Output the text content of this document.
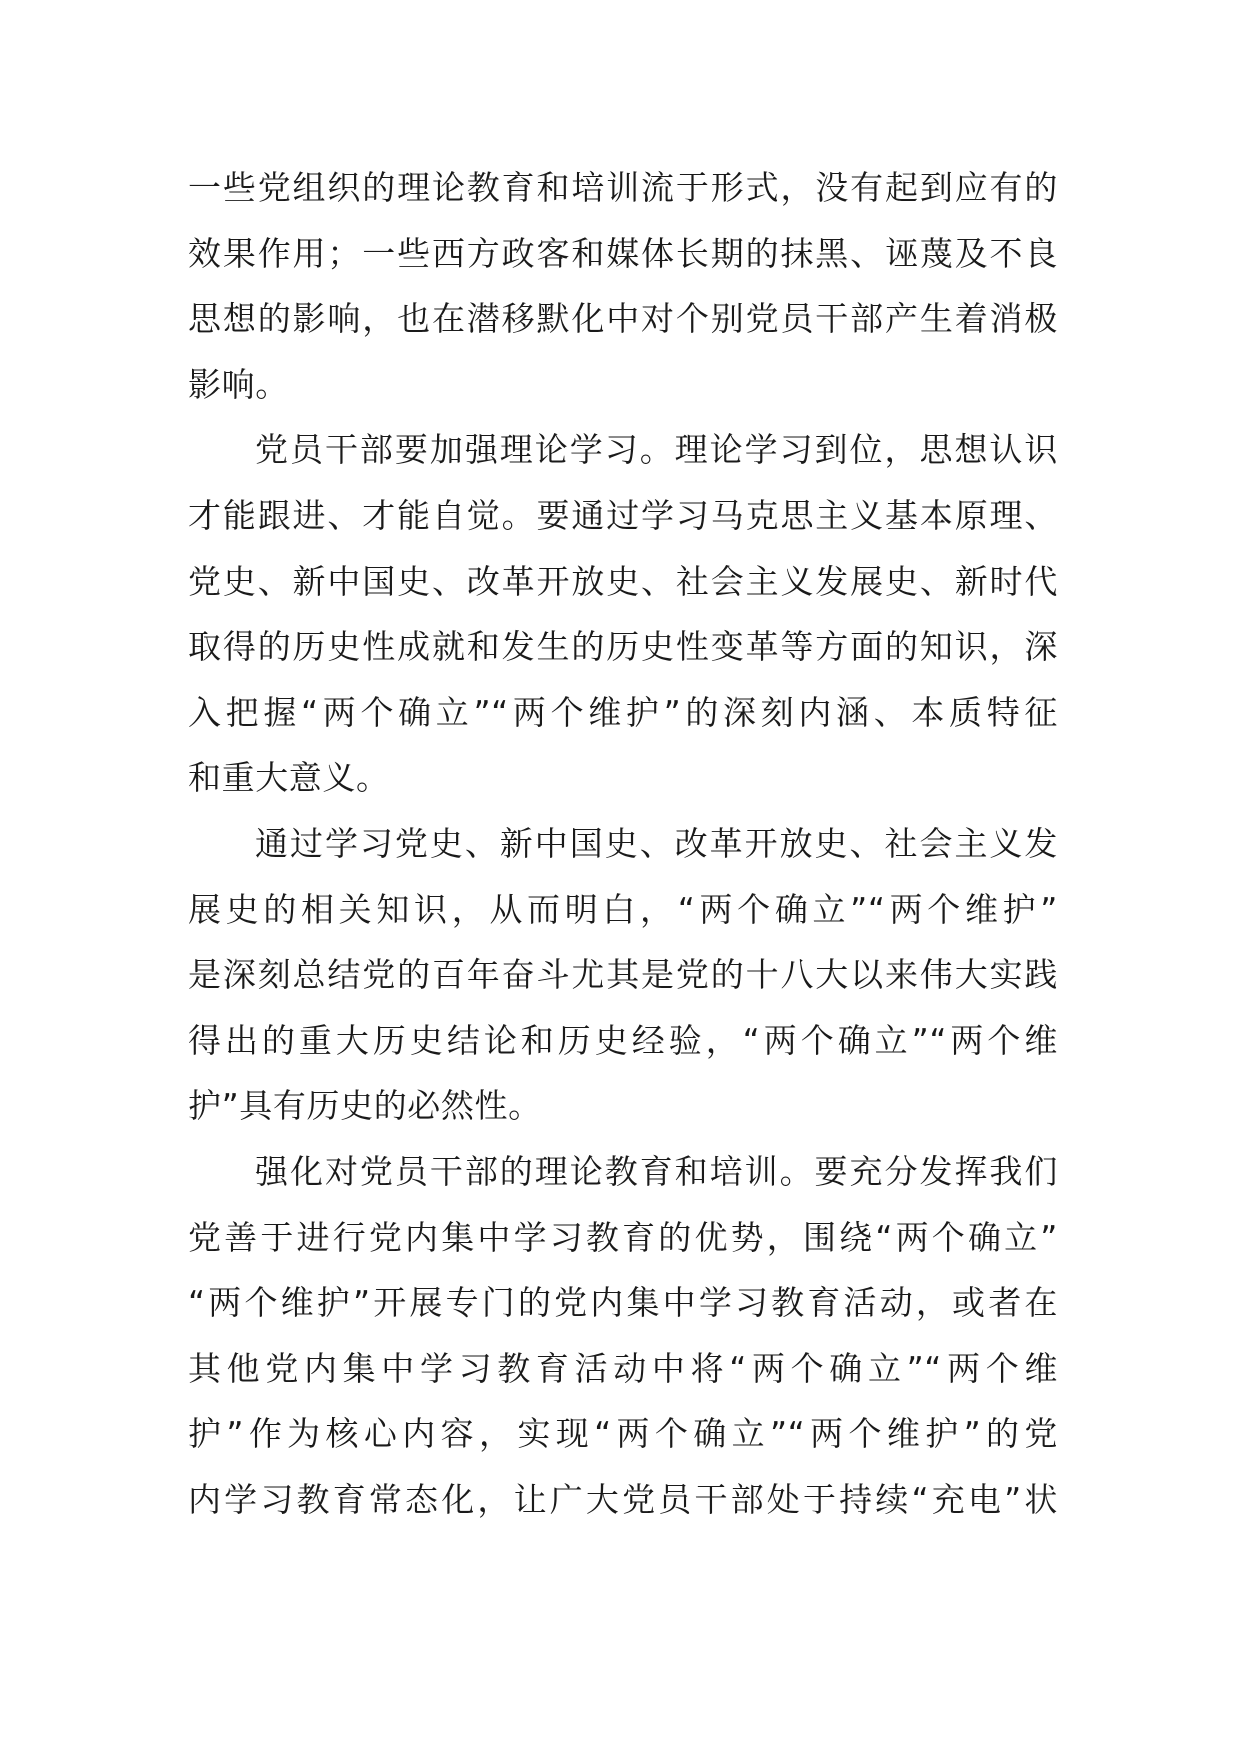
一些党组织的理论教育和培训流于形式，没有起到应有的
效果作用；一些西方政客和媒体长期的抹黑、诬蔑及不良
思想的影响，也在潜移默化中对个别党员干部产生着消极
影响。
党员干部要加强理论学习。理论学习到位，思想认识
才能跟进、才能自觉。要通过学习马克思主义基本原理、
党史、新中国史、改革开放史、社会主义发展史、新时代
取得的历史性成就和发生的历史性变革等方面的知识，深
入把握“两个确立”“两个维护”的深刻内涵、本质特征
和重大意义。
通过学习党史、新中国史、改革开放史、社会主义发
展史的相关知识，从而明白，“两个确立”“两个维护”
是深刻总结党的百年奋斗尤其是党的十八大以来伟大实践
得出的重大历史结论和历史经验，“两个确立”“两个维
护”具有历史的必然性。
强化对党员干部的理论教育和培训。要充分发挥我们
党善于进行党内集中学习教育的优势，围绕“两个确立”
“两个维护”开展专门的党内集中学习教育活动，或者在
其他党内集中学习教育活动中将“两个确立”“两个维
护”作为核心内容，实现“两个确立”“两个维护”的党
内学习教育常态化，让广大党员干部处于持续“充电”状
